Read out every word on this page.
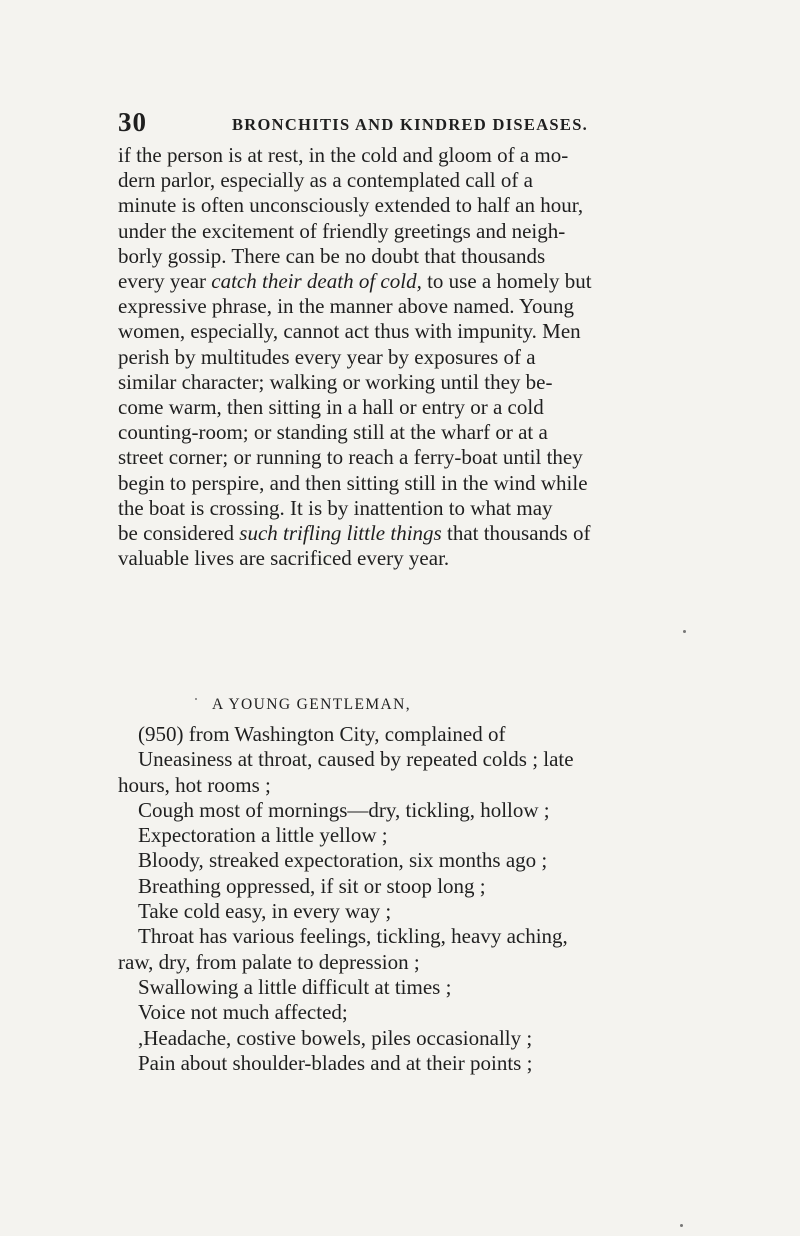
30	BRONCHITIS AND KINDRED DISEASES.
if the person is at rest, in the cold and gloom of a mo-
dern parlor, especially as a contemplated call of a
minute is often unconsciously extended to half an hour,
under the excitement of friendly greetings and neigh-
borly gossip. There can be no doubt that thousands
every year catch their death of cold, to use a homely but
expressive phrase, in the manner above named. Young
women, especially, cannot act thus with impunity. Men
perish by multitudes every year by exposures of a
similar character; walking or working until they be-
come warm, then sitting in a hall or entry or a cold
counting-room; or standing still at the wharf or at a
street corner; or running to reach a ferry-boat until they
begin to perspire, and then sitting still in the wind while
the boat is crossing. It is by inattention to what may
be considered such trifling little things that thousands of
valuable lives are sacrificed every year.
A YOUNG GENTLEMAN,
(950) from Washington City, complained of
Uneasiness at throat, caused by repeated colds ; late
hours, hot rooms ;
Cough most of mornings—dry, tickling, hollow ;
Expectoration a little yellow ;
Bloody, streaked expectoration, six months ago ;
Breathing oppressed, if sit or stoop long ;
Take cold easy, in every way ;
Throat has various feelings, tickling, heavy aching,
raw, dry, from palate to depression ;
Swallowing a little difficult at times ;
Voice not much affected;
,Headache, costive bowels, piles occasionally ;
Pain about shoulder-blades and at their points ;
